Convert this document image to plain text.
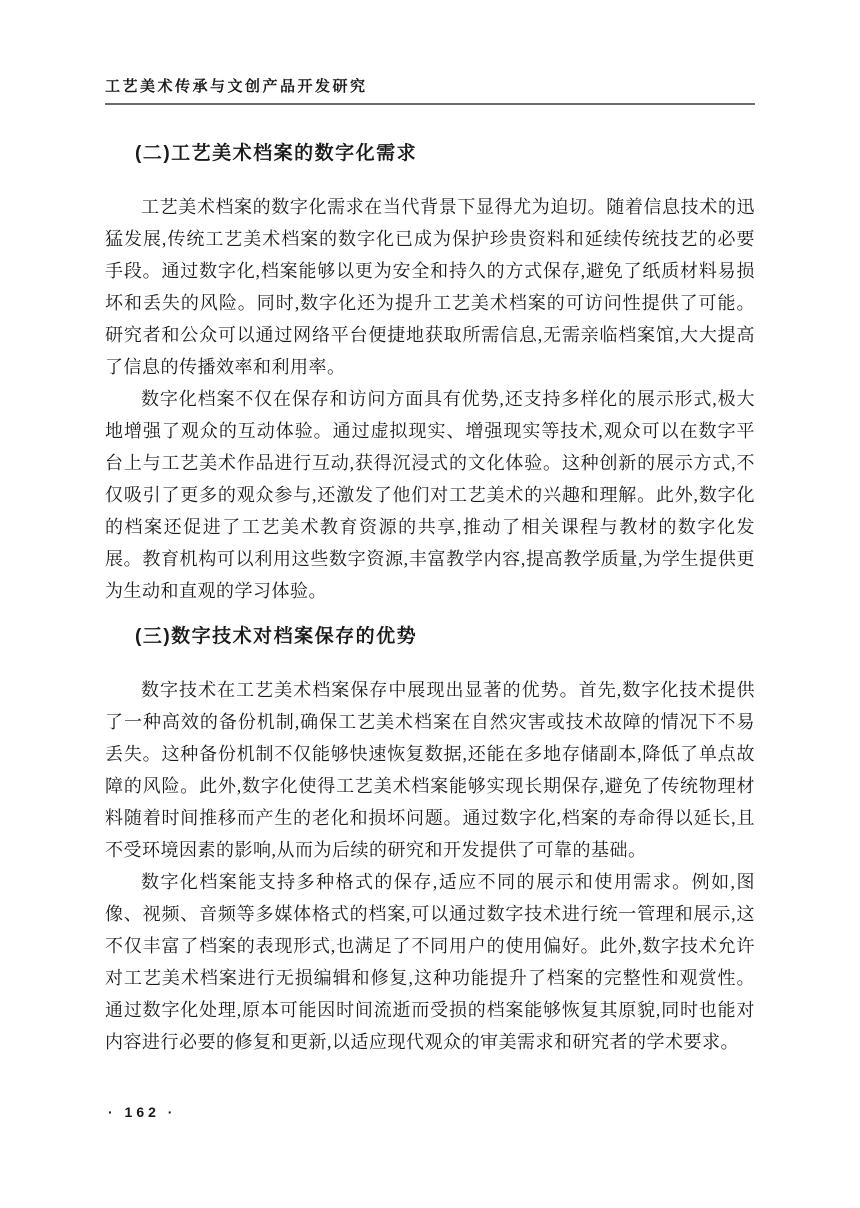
工艺美术传承与文创产品开发研究
(二)工艺美术档案的数字化需求

工艺美术档案的数字化需求在当代背景下显得尤为迫切。随着信息技术的迅猛发展,传统工艺美术档案的数字化已成为保护珍贵资料和延续传统技艺的必要手段。通过数字化,档案能够以更为安全和持久的方式保存,避免了纸质材料易损坏和丢失的风险。同时,数字化还为提升工艺美术档案的可访问性提供了可能。研究者和公众可以通过网络平台便捷地获取所需信息,无需亲临档案馆,大大提高了信息的传播效率和利用率。

数字化档案不仅在保存和访问方面具有优势,还支持多样化的展示形式,极大地增强了观众的互动体验。通过虚拟现实、增强现实等技术,观众可以在数字平台上与工艺美术作品进行互动,获得沉浸式的文化体验。这种创新的展示方式,不仅吸引了更多的观众参与,还激发了他们对工艺美术的兴趣和理解。此外,数字化的档案还促进了工艺美术教育资源的共享,推动了相关课程与教材的数字化发展。教育机构可以利用这些数字资源,丰富教学内容,提高教学质量,为学生提供更为生动和直观的学习体验。

(三)数字技术对档案保存的优势

数字技术在工艺美术档案保存中展现出显著的优势。首先,数字化技术提供了一种高效的备份机制,确保工艺美术档案在自然灾害或技术故障的情况下不易丢失。这种备份机制不仅能够快速恢复数据,还能在多地存储副本,降低了单点故障的风险。此外,数字化使得工艺美术档案能够实现长期保存,避免了传统物理材料随着时间推移而产生的老化和损坏问题。通过数字化,档案的寿命得以延长,且不受环境因素的影响,从而为后续的研究和开发提供了可靠的基础。

数字化档案能支持多种格式的保存,适应不同的展示和使用需求。例如,图像、视频、音频等多媒体格式的档案,可以通过数字技术进行统一管理和展示,这不仅丰富了档案的表现形式,也满足了不同用户的使用偏好。此外,数字技术允许对工艺美术档案进行无损编辑和修复,这种功能提升了档案的完整性和观赏性。通过数字化处理,原本可能因时间流逝而受损的档案能够恢复其原貌,同时也能对内容进行必要的修复和更新,以适应现代观众的审美需求和研究者的学术要求。

· 162 ·
